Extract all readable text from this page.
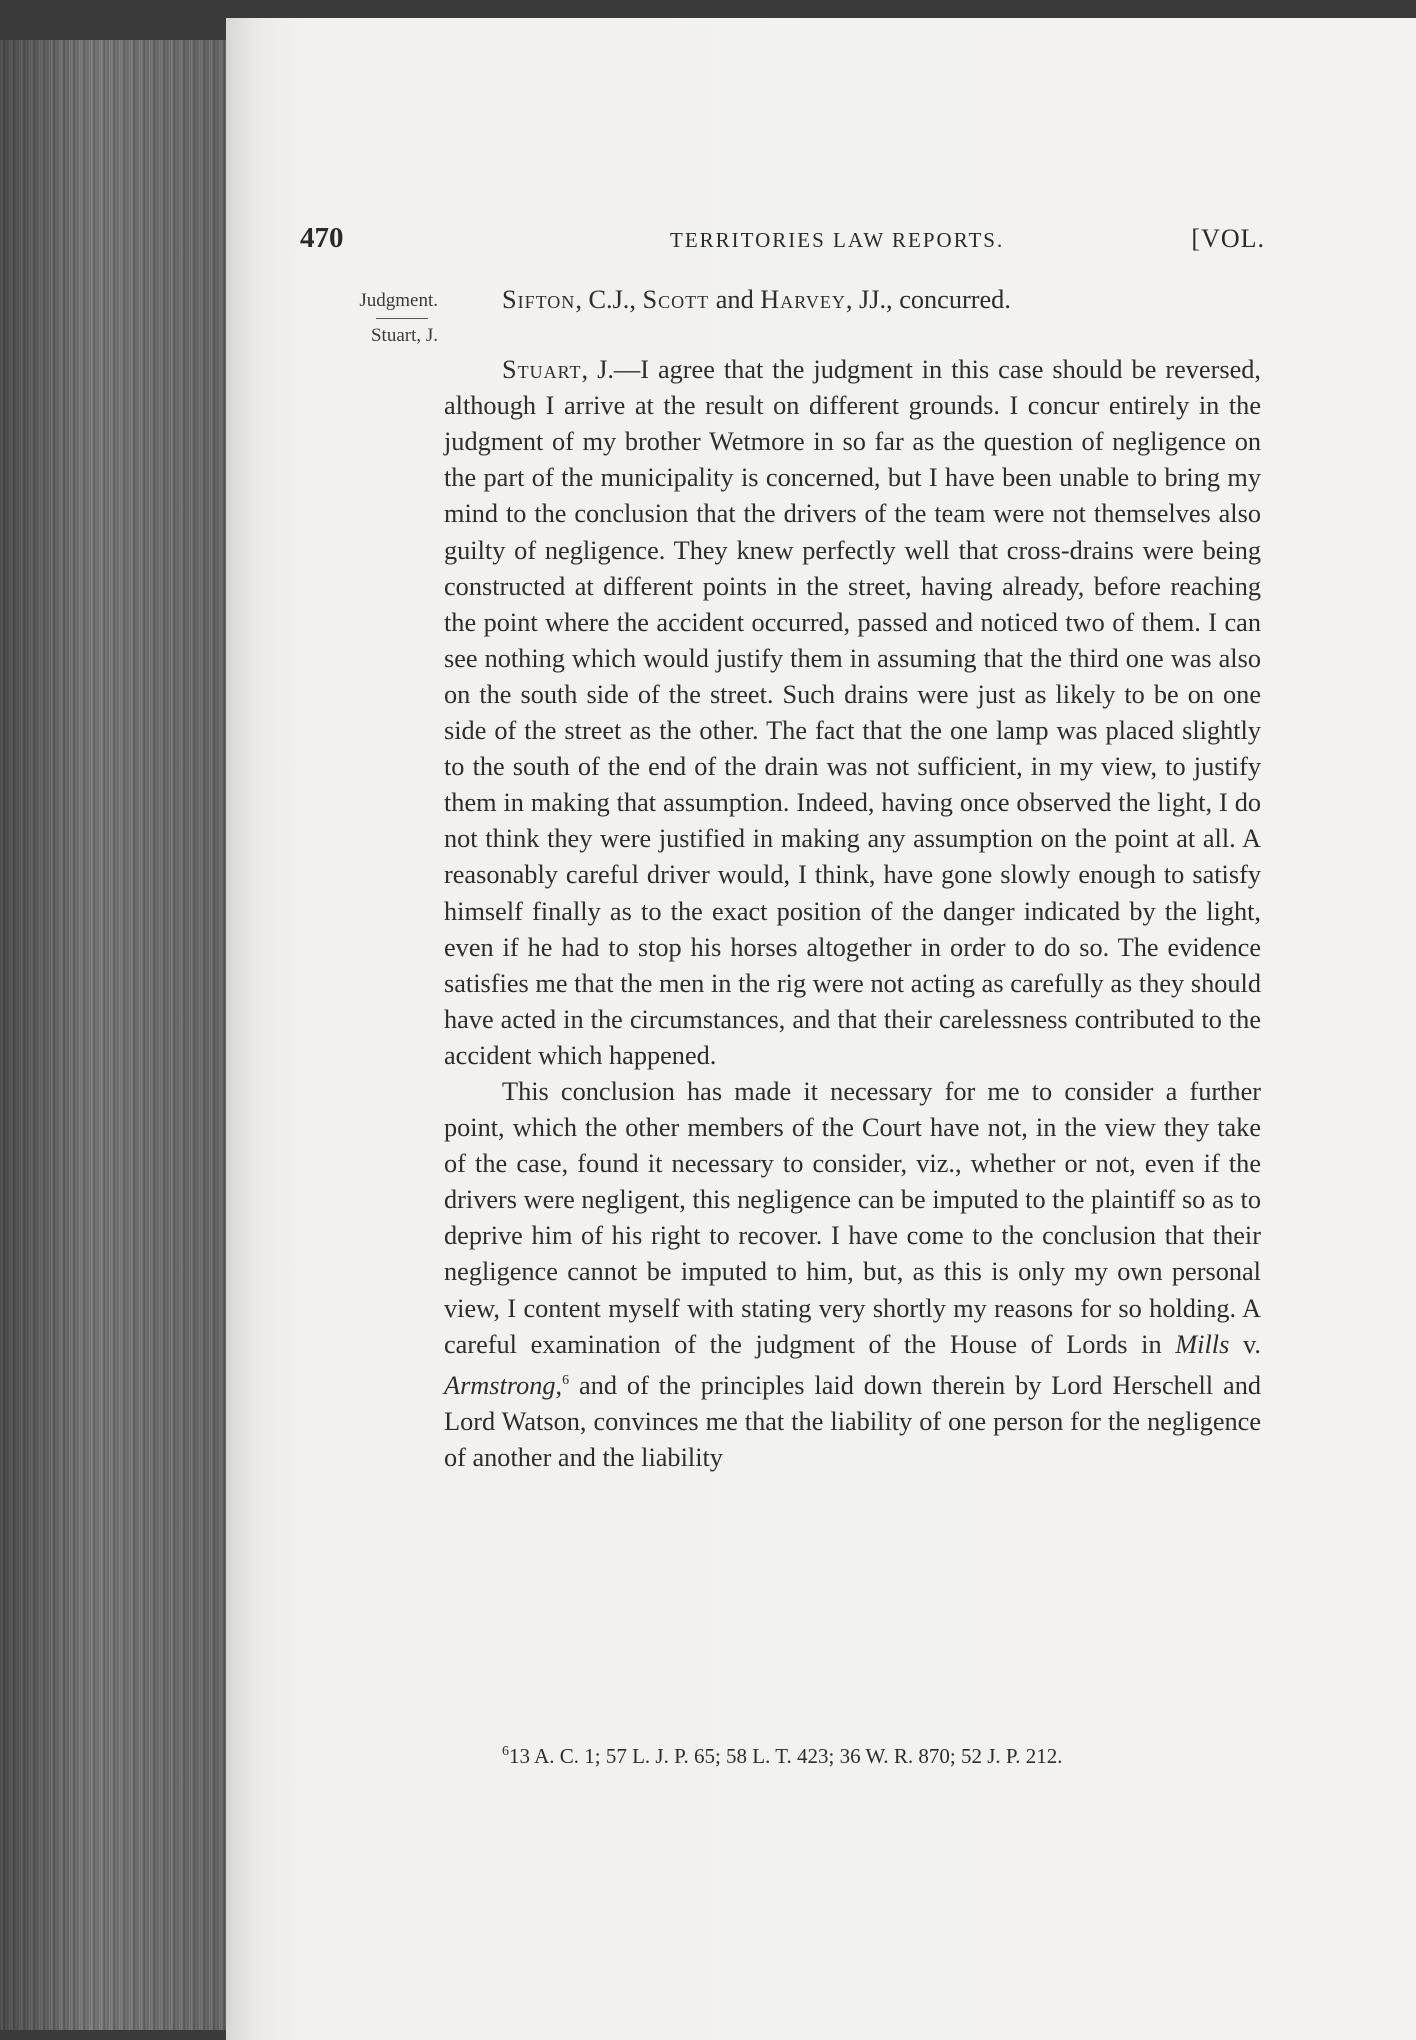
470	TERRITORIES LAW REPORTS.	[VOL.
Judgment.
Stuart, J.

Sifton, C.J., Scott and Harvey, JJ., concurred.

Stuart, J.—I agree that the judgment in this case should be reversed, although I arrive at the result on different grounds. I concur entirely in the judgment of my brother Wetmore in so far as the question of negligence on the part of the municipality is concerned, but I have been unable to bring my mind to the conclusion that the drivers of the team were not themselves also guilty of negligence. They knew perfectly well that cross-drains were being constructed at different points in the street, having already, before reaching the point where the accident occurred, passed and noticed two of them. I can see nothing which would justify them in assuming that the third one was also on the south side of the street. Such drains were just as likely to be on one side of the street as the other. The fact that the one lamp was placed slightly to the south of the end of the drain was not sufficient, in my view, to justify them in making that assumption. Indeed, having once observed the light, I do not think they were justified in making any assumption on the point at all. A reasonably careful driver would, I think, have gone slowly enough to satisfy himself finally as to the exact position of the danger indicated by the light, even if he had to stop his horses altogether in order to do so. The evidence satisfies me that the men in the rig were not acting as carefully as they should have acted in the circumstances, and that their carelessness contributed to the accident which happened.

This conclusion has made it necessary for me to consider a further point, which the other members of the Court have not, in the view they take of the case, found it necessary to consider, viz., whether or not, even if the drivers were negligent, this negligence can be imputed to the plaintiff so as to deprive him of his right to recover. I have come to the conclusion that their negligence cannot be imputed to him, but, as this is only my own personal view, I content myself with stating very shortly my reasons for so holding. A careful examination of the judgment of the House of Lords in Mills v. Armstrong,$^6$ and of the principles laid down therein by Lord Herschell and Lord Watson, convinces me that the liability of one person for the negligence of another and the liability

$^6$13 A. C. 1; 57 L. J. P. 65; 58 L. T. 423; 36 W. R. 870; 52 J. P. 212.
